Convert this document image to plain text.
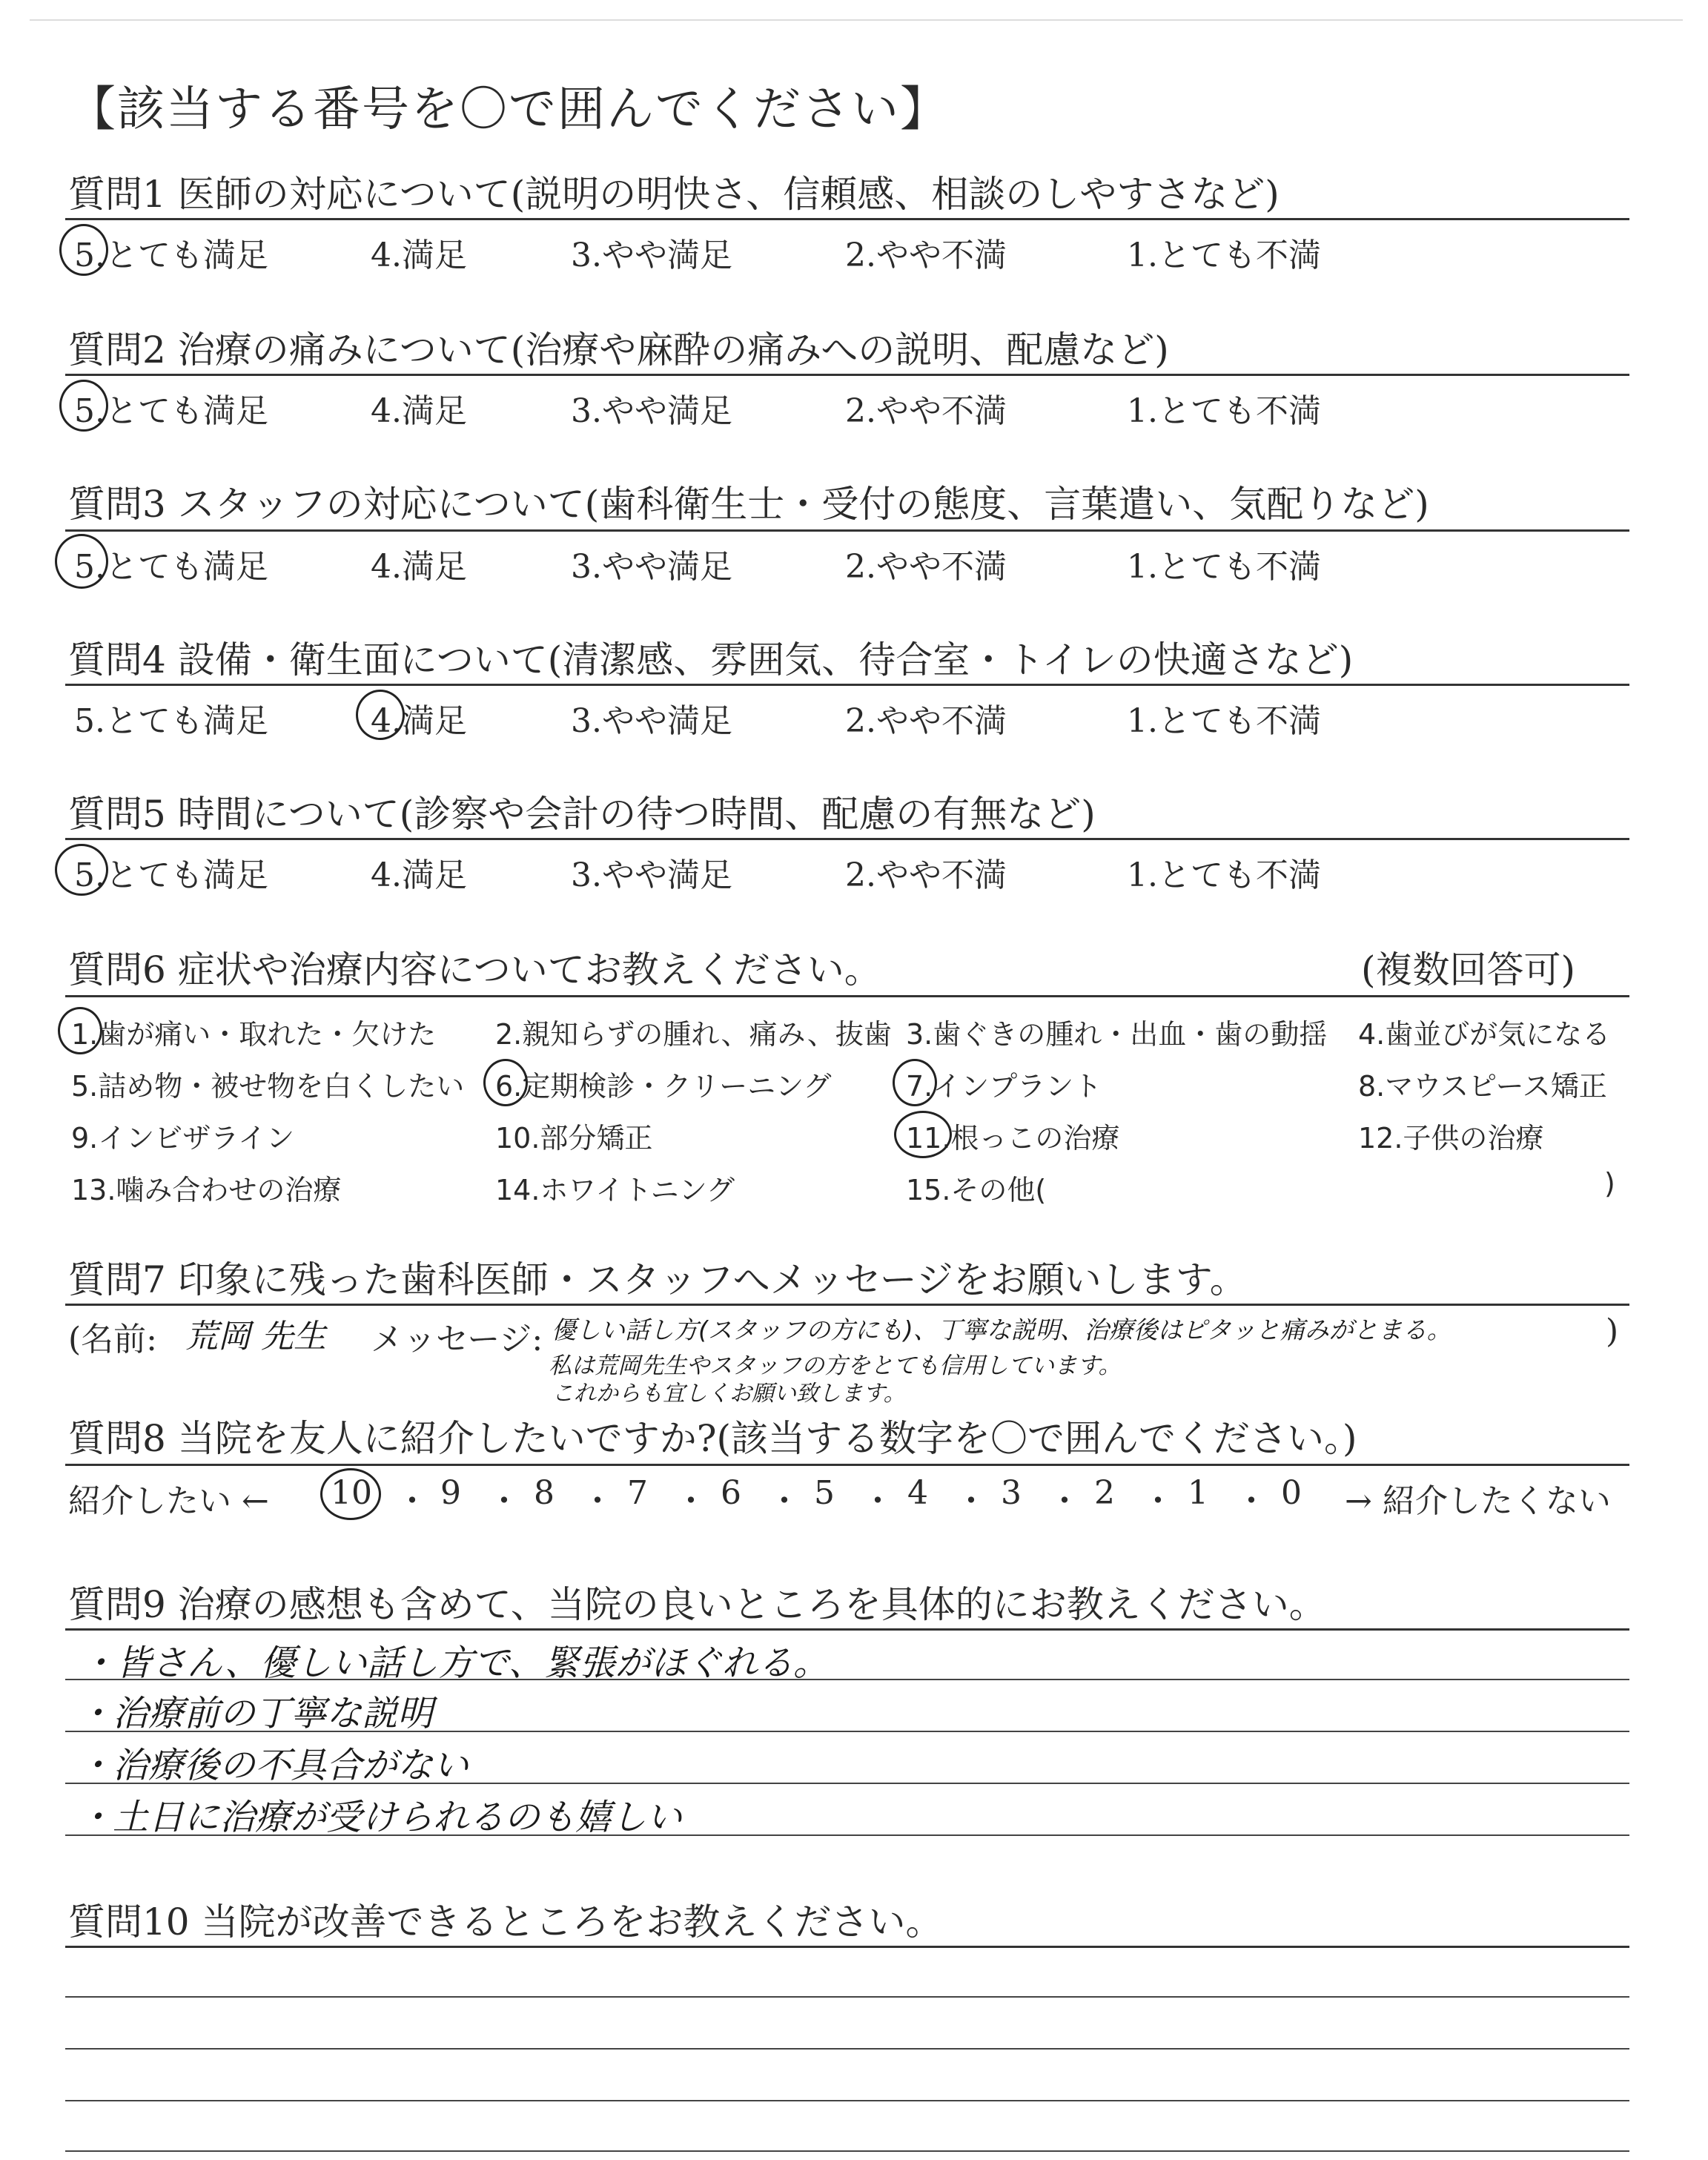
【該当する番号を〇で囲んでください】
質問1 医師の対応について(説明の明快さ、信頼感、相談のしやすさなど)
5.とても満足	4.満足	3.やや満足	2.やや不満	1.とても不満
質問2 治療の痛みについて(治療や麻酔の痛みへの説明、配慮など)
5.とても満足	4.満足	3.やや満足	2.やや不満	1.とても不満
質問3 スタッフの対応について(歯科衛生士・受付の態度、言葉遣い、気配りなど)
5.とても満足	4.満足	3.やや満足	2.やや不満	1.とても不満
質問4 設備・衛生面について(清潔感、雰囲気、待合室・トイレの快適さなど)
5.とても満足	4.満足	3.やや満足	2.やや不満	1.とても不満
質問5 時間について(診察や会計の待つ時間、配慮の有無など)
5.とても満足	4.満足	3.やや満足	2.やや不満	1.とても不満
質問6 症状や治療内容についてお教えください。	(複数回答可)
1.歯が痛い・取れた・欠けた 2.親知らずの腫れ、痛み、抜歯 3.歯ぐきの腫れ・出血・歯の動揺 4.歯並びが気になる
5.詰め物・被せ物を白くしたい 6.定期検診・クリーニング	7.インプラント	8.マウスピース矯正
9.インビザライン	10.部分矯正	11.根っこの治療	12.子供の治療
13.噛み合わせの治療	14.ホワイトニング	15.その他(	)
質問7 印象に残った歯科医師・スタッフへメッセージをお願いします。
(名前: 荒岡 先生 メッセージ: 優しい話し方(スタッフの方にも)、丁寧な説明、治療後はピタッと痛みがとまる。
私は荒岡先生やスタッフの方をとても信用しています。
これからも宜しくお願い致します。
)
質問8 当院を友人に紹介したいですか?(該当する数字を〇で囲んでください。)
紹介したい ← 10 ・ 9 ・ 8 ・ 7 ・ 6 ・ 5 ・ 4 ・ 3 ・ 2 ・ 1 ・ 0 → 紹介したくない
質問9 治療の感想も含めて、当院の良いところを具体的にお教えください。
・皆さん、優しい話し方で、緊張がほぐれる。
・治療前の丁寧な説明
・治療後の不具合がない
・土日に治療が受けられるのも嬉しい
質問10 当院が改善できるところをお教えください。
